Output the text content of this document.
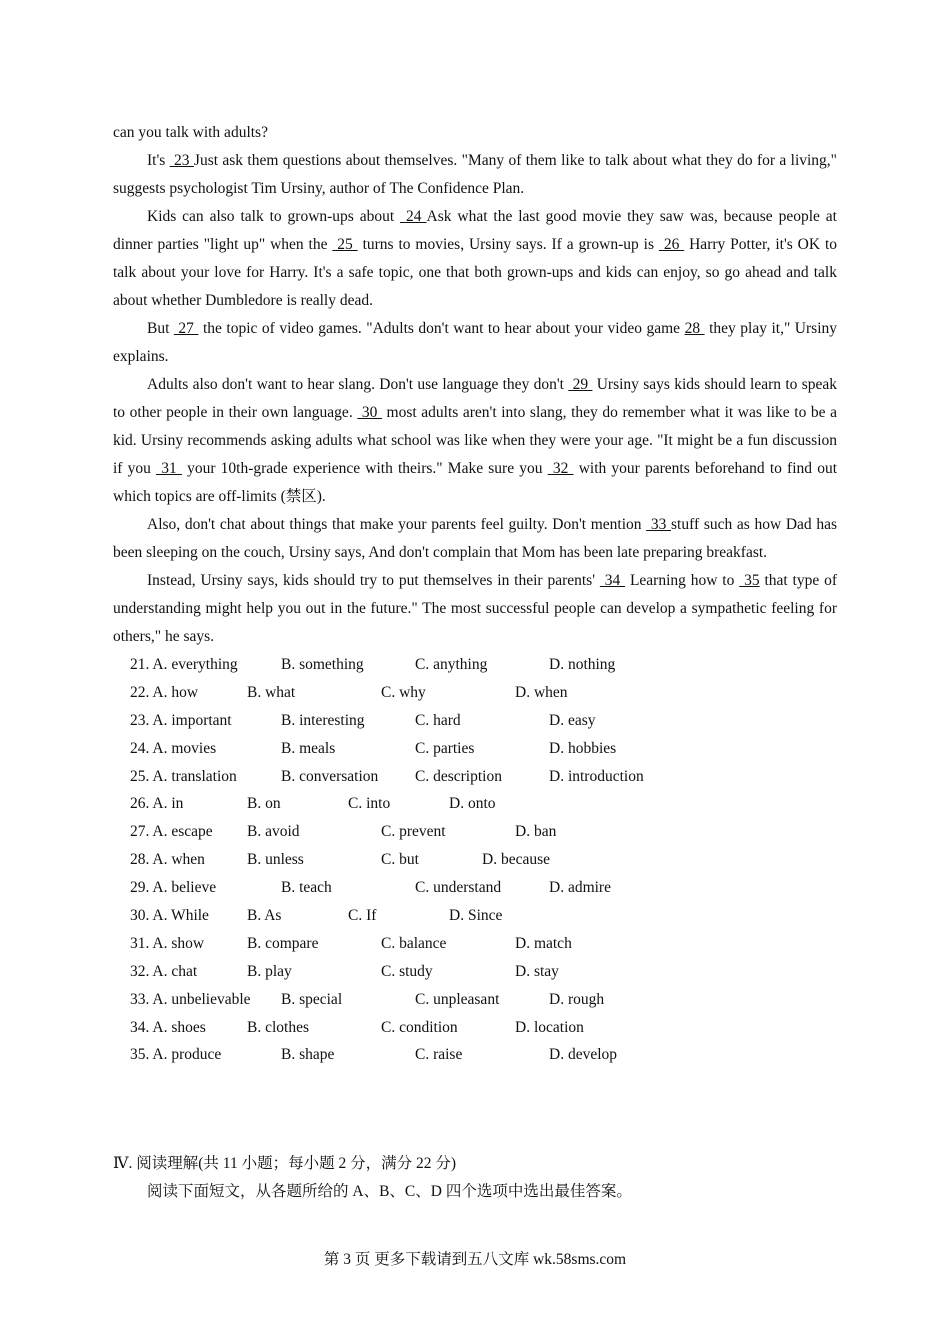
can you talk with adults?

It's  23 Just ask them questions about themselves. "Many of them like to talk about what they do for a living," suggests psychologist Tim Ursiny, author of The Confidence Plan.

Kids can also talk to grown-ups about  24 Ask what the last good movie they saw was, because people at dinner parties "light up" when the  25  turns to movies, Ursiny says. If a grown-up is  26  Harry Potter, it's OK to talk about your love for Harry. It's a safe topic, one that both grown-ups and kids can enjoy, so go ahead and talk about whether Dumbledore is really dead.

But  27  the topic of video games. "Adults don't want to hear about your video game 28  they play it," Ursiny explains.

Adults also don't want to hear slang. Don't use language they don't  29  Ursiny says kids should learn to speak to other people in their own language.  30  most adults aren't into slang, they do remember what it was like to be a kid. Ursiny recommends asking adults what school was like when they were your age. "It might be a fun discussion if you  31  your 10th-grade experience with theirs." Make sure you  32  with your parents beforehand to find out which topics are off-limits (禁区).

Also, don't chat about things that make your parents feel guilty. Don't mention  33 stuff such as how Dad has been sleeping on the couch, Ursiny says, And don't complain that Mom has been late preparing breakfast.

Instead, Ursiny says, kids should try to put themselves in their parents'  34  Learning how to  35 that type of understanding might help you out in the future." The most successful people can develop a sympathetic feeling for others," he says.

21. A. everything	B. something	C. anything	D. nothing
22. A. how	B. what	C. why	D. when
23. A. important	B. interesting	C. hard	D. easy
24. A. movies	B. meals	C. parties	D. hobbies
25. A. translation	B. conversation C. description	D. introduction
26. A. in	B. on	C. into	D. onto
27. A. escape B. avoid	C. prevent	D. ban
28. A. when	B. unless	C. but	D. because
29. A. believe	B. teach	C. understand	D. admire
30. A. While B. As	C. If	D. Since
31. A. show	B. compare	C. balance	D. match
32. A. chat	B. play	C. study	D. stay
33. A. unbelievable B. special	C. unpleasant	D. rough
34. A. shoes	B. clothes	C. condition	D. location
35. A. produce	B. shape	C. raise	D. develop
Ⅳ. 阅读理解(共 11 小题；每小题 2 分，满分 22 分)
阅读下面短文，从各题所给的 A、B、C、D 四个选项中选出最佳答案。
第 3 页 更多下载请到五八文库 wk.58sms.com
